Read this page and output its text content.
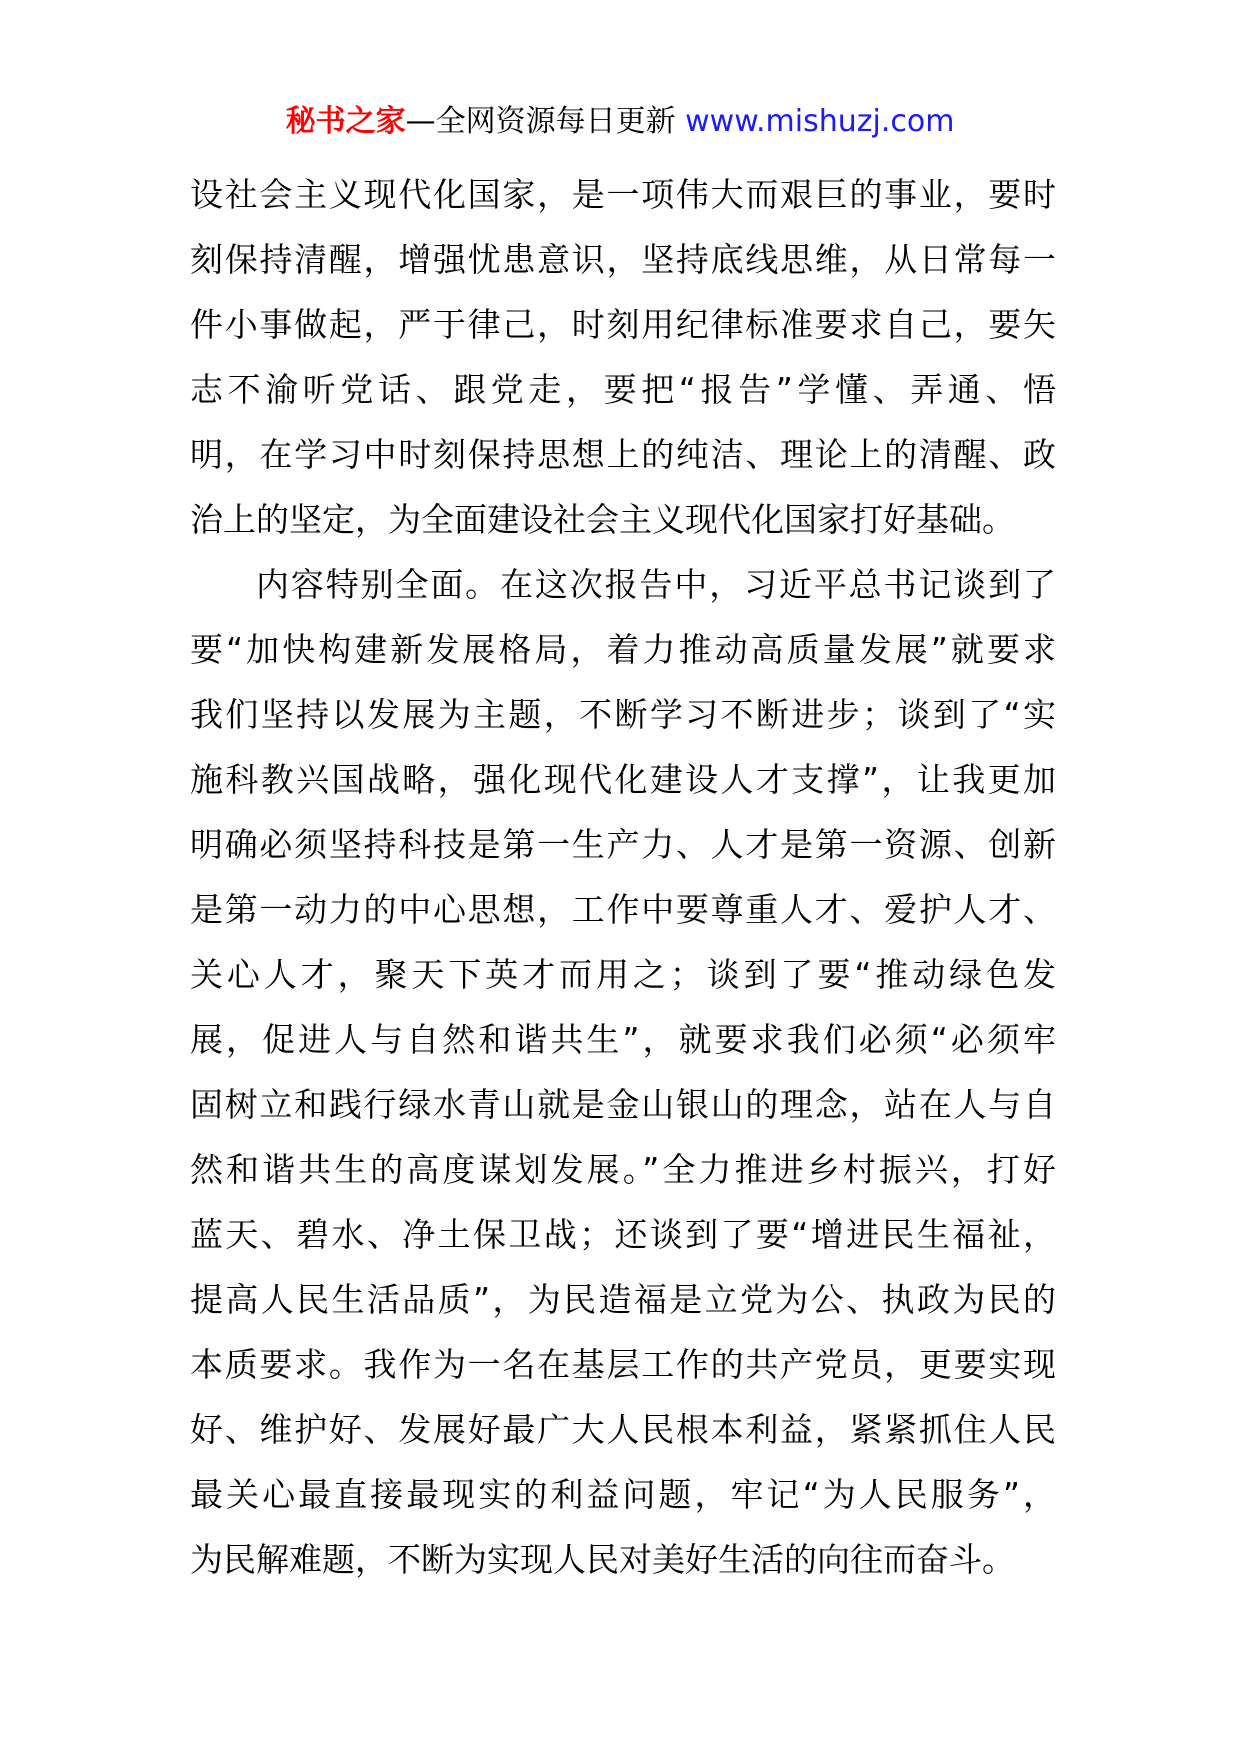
秘书之家—全网资源每日更新 www.mishuzj.com
设社会主义现代化国家，是一项伟大而艰巨的事业，要时
刻保持清醒，增强忧患意识，坚持底线思维，从日常每一
件小事做起，严于律己，时刻用纪律标准要求自己，要矢
志不渝听党话、跟党走，要把“报告”学懂、弄通、悟
明，在学习中时刻保持思想上的纯洁、理论上的清醒、政
治上的坚定，为全面建设社会主义现代化国家打好基础。
内容特别全面。在这次报告中，习近平总书记谈到了
要“加快构建新发展格局，着力推动高质量发展”就要求
我们坚持以发展为主题，不断学习不断进步；谈到了“实
施科教兴国战略，强化现代化建设人才支撑”，让我更加
明确必须坚持科技是第一生产力、人才是第一资源、创新
是第一动力的中心思想，工作中要尊重人才、爱护人才、
关心人才，聚天下英才而用之；谈到了要“推动绿色发
展，促进人与自然和谐共生”，就要求我们必须“必须牢
固树立和践行绿水青山就是金山银山的理念，站在人与自
然和谐共生的高度谋划发展。”全力推进乡村振兴，打好
蓝天、碧水、净土保卫战；还谈到了要“增进民生福祉，
提高人民生活品质”，为民造福是立党为公、执政为民的
本质要求。我作为一名在基层工作的共产党员，更要实现
好、维护好、发展好最广大人民根本利益，紧紧抓住人民
最关心最直接最现实的利益问题，牢记“为人民服务”，
为民解难题，不断为实现人民对美好生活的向往而奋斗。
